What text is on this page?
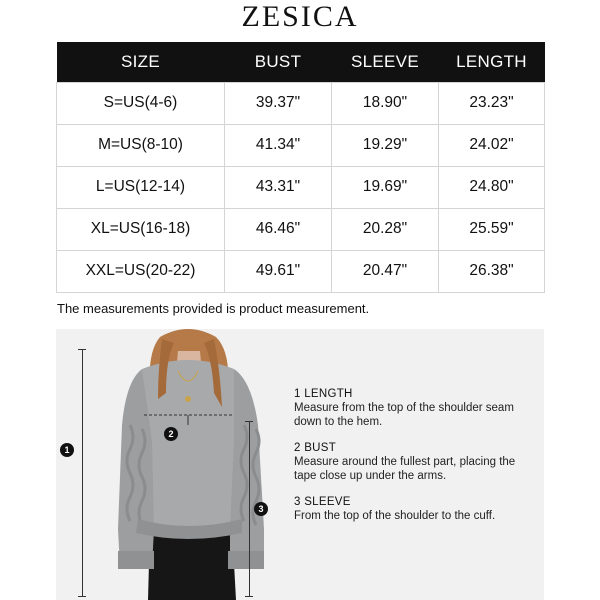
ZESICA
SIZE	BUST	SLEEVE	LENGTH
S=US(4-6)	39.37"	18.90"	23.23"
M=US(8-10)	41.34"	19.29"	24.02"
L=US(12-14)	43.31"	19.69"	24.80"
XL=US(16-18)	46.46"	20.28"	25.59"
XXL=US(20-22)	49.61"	20.47"	26.38"
The measurements provided is product measurement.
1
2
3
1 LENGTH
Measure from the top of the shoulder seam down to the hem.
2 BUST
Measure around the fullest part, placing the tape close up under the arms.
3 SLEEVE
From the top of the shoulder to the cuff.
